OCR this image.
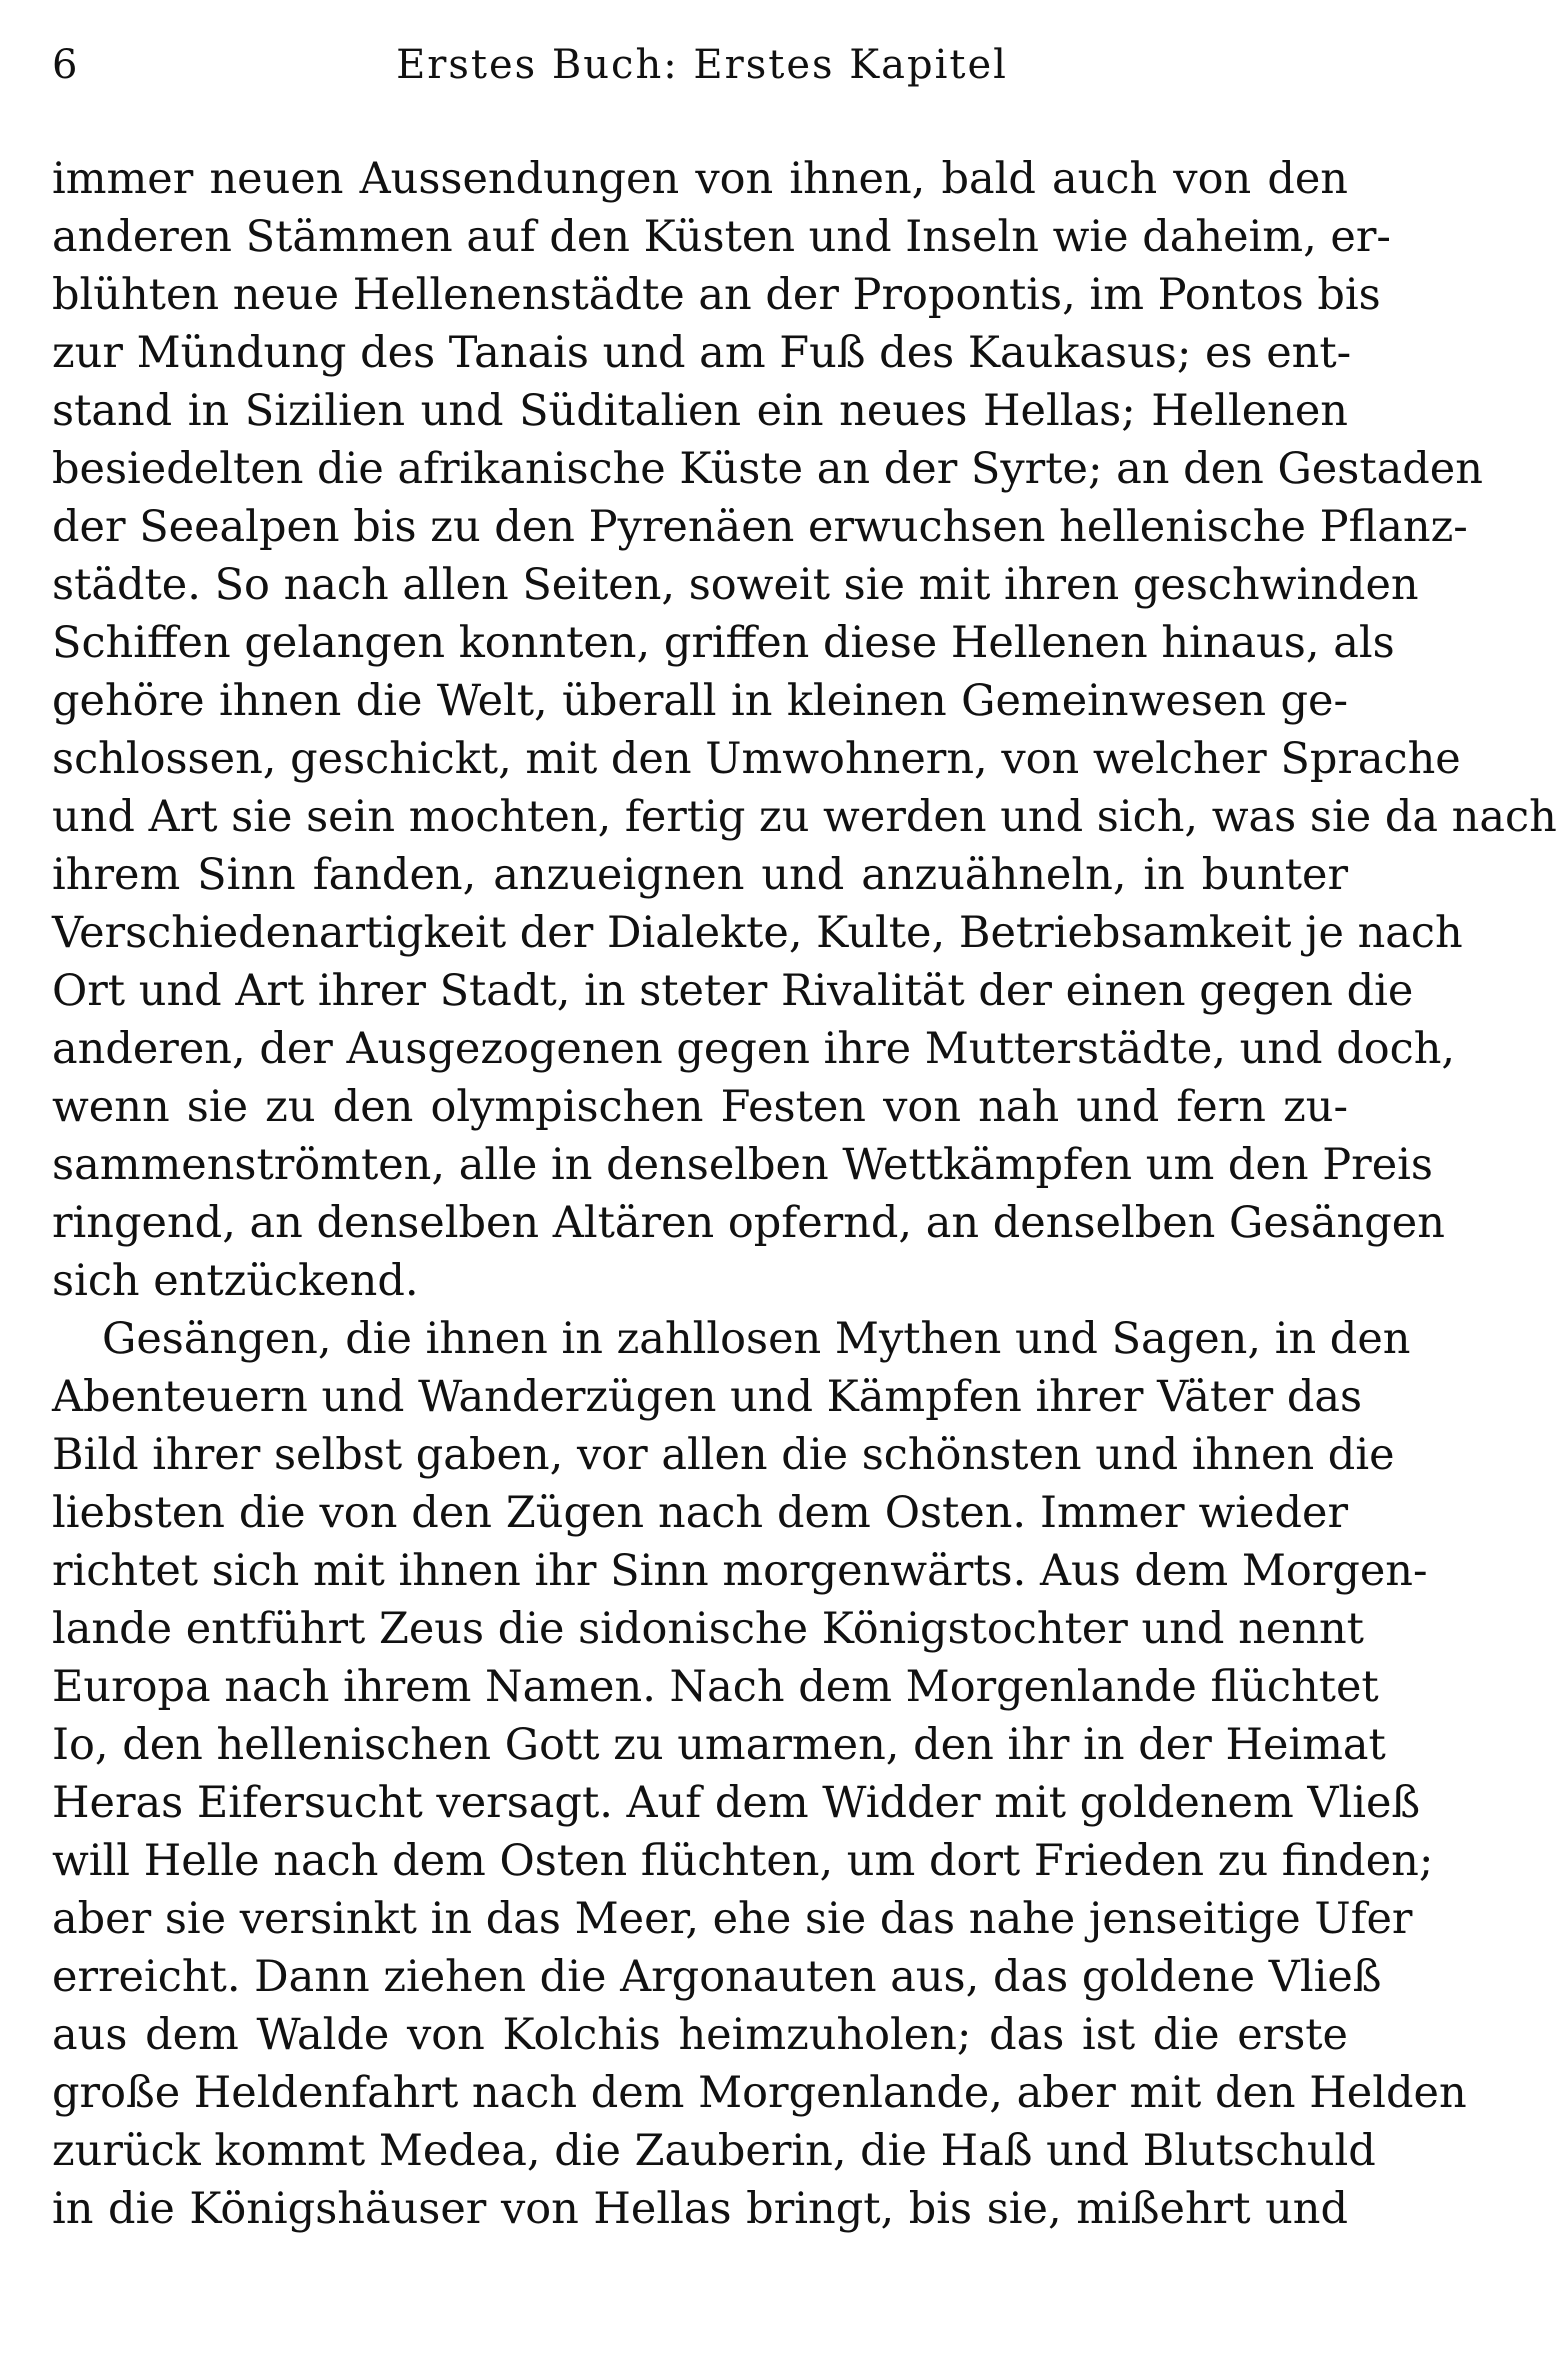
6	Erstes Buch: Erstes Kapitel
immer neuen Aussendungen von ihnen, bald auch von den
anderen Stämmen auf den Küsten und Inseln wie daheim, er-
blühten neue Hellenenstädte an der Propontis, im Pontos bis
zur Mündung des Tanais und am Fuß des Kaukasus; es ent-
stand in Sizilien und Süditalien ein neues Hellas; Hellenen
besiedelten die afrikanische Küste an der Syrte; an den Gestaden
der Seealpen bis zu den Pyrenäen erwuchsen hellenische Pflanz-
städte. So nach allen Seiten, soweit sie mit ihren geschwinden
Schiffen gelangen konnten, griffen diese Hellenen hinaus, als
gehöre ihnen die Welt, überall in kleinen Gemeinwesen ge-
schlossen, geschickt, mit den Umwohnern, von welcher Sprache
und Art sie sein mochten, fertig zu werden und sich, was sie da nach
ihrem Sinn fanden, anzueignen und anzuähneln, in bunter
Verschiedenartigkeit der Dialekte, Kulte, Betriebsamkeit je nach
Ort und Art ihrer Stadt, in steter Rivalität der einen gegen die
anderen, der Ausgezogenen gegen ihre Mutterstädte, und doch,
wenn sie zu den olympischen Festen von nah und fern zu-
sammenströmten, alle in denselben Wettkämpfen um den Preis
ringend, an denselben Altären opfernd, an denselben Gesängen
sich entzückend.
Gesängen, die ihnen in zahllosen Mythen und Sagen, in den
Abenteuern und Wanderzügen und Kämpfen ihrer Väter das
Bild ihrer selbst gaben, vor allen die schönsten und ihnen die
liebsten die von den Zügen nach dem Osten. Immer wieder
richtet sich mit ihnen ihr Sinn morgenwärts. Aus dem Morgen-
lande entführt Zeus die sidonische Königstochter und nennt
Europa nach ihrem Namen. Nach dem Morgenlande flüchtet
Io, den hellenischen Gott zu umarmen, den ihr in der Heimat
Heras Eifersucht versagt. Auf dem Widder mit goldenem Vließ
will Helle nach dem Osten flüchten, um dort Frieden zu finden;
aber sie versinkt in das Meer, ehe sie das nahe jenseitige Ufer
erreicht. Dann ziehen die Argonauten aus, das goldene Vließ
aus dem Walde von Kolchis heimzuholen; das ist die erste
große Heldenfahrt nach dem Morgenlande, aber mit den Helden
zurück kommt Medea, die Zauberin, die Haß und Blutschuld
in die Königshäuser von Hellas bringt, bis sie, mißehrt und
